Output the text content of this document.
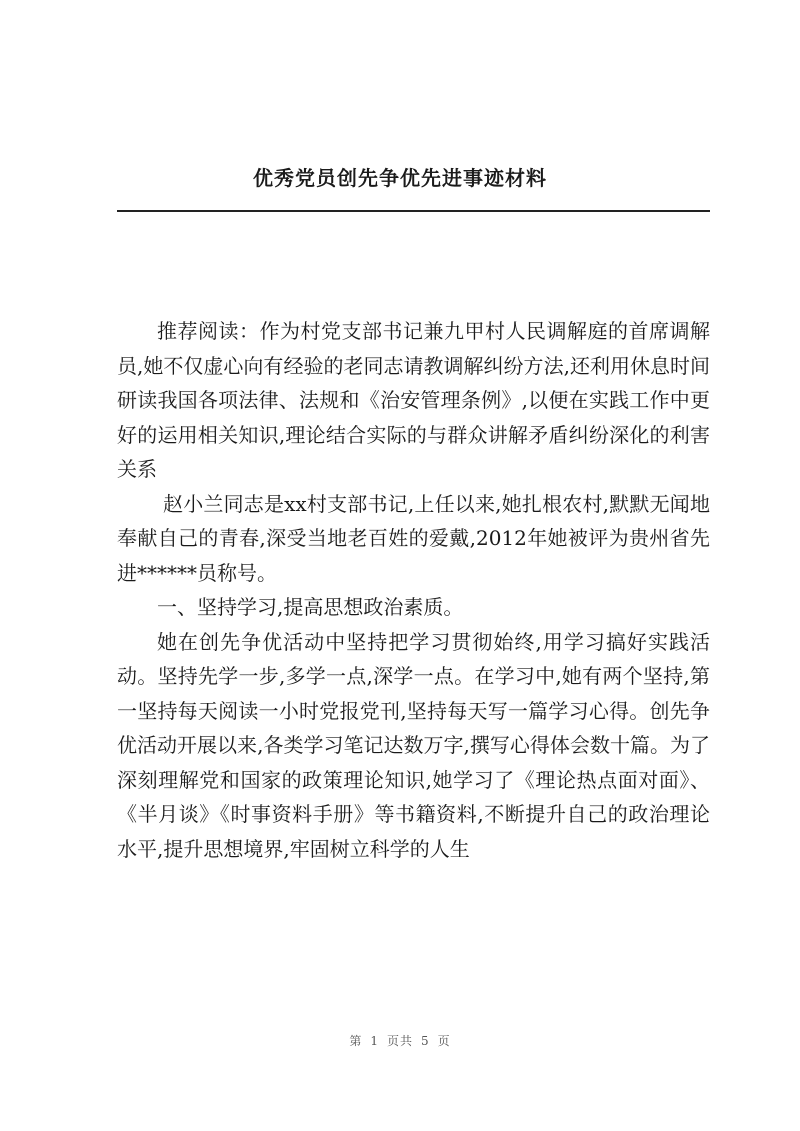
优秀党员创先争优先进事迹材料

推荐阅读：作为村党支部书记兼九甲村人民调解庭的首席调解员,她不仅虚心向有经验的老同志请教调解纠纷方法,还利用休息时间研读我国各项法律、法规和《治安管理条例》,以便在实践工作中更好的运用相关知识,理论结合实际的与群众讲解矛盾纠纷深化的利害关系

赵小兰同志是xx村支部书记,上任以来,她扎根农村,默默无闻地奉献自己的青春,深受当地老百姓的爱戴,2012年她被评为贵州省先进******员称号。

一、坚持学习,提高思想政治素质。

她在创先争优活动中坚持把学习贯彻始终,用学习搞好实践活动。坚持先学一步,多学一点,深学一点。在学习中,她有两个坚持,第一坚持每天阅读一小时党报党刊,坚持每天写一篇学习心得。创先争优活动开展以来,各类学习笔记达数万字,撰写心得体会数十篇。为了深刻理解党和国家的政策理论知识,她学习了《理论热点面对面》、《半月谈》《时事资料手册》等书籍资料,不断提升自己的政治理论水平,提升思想境界,牢固树立科学的人生

第 1 页共 5 页
